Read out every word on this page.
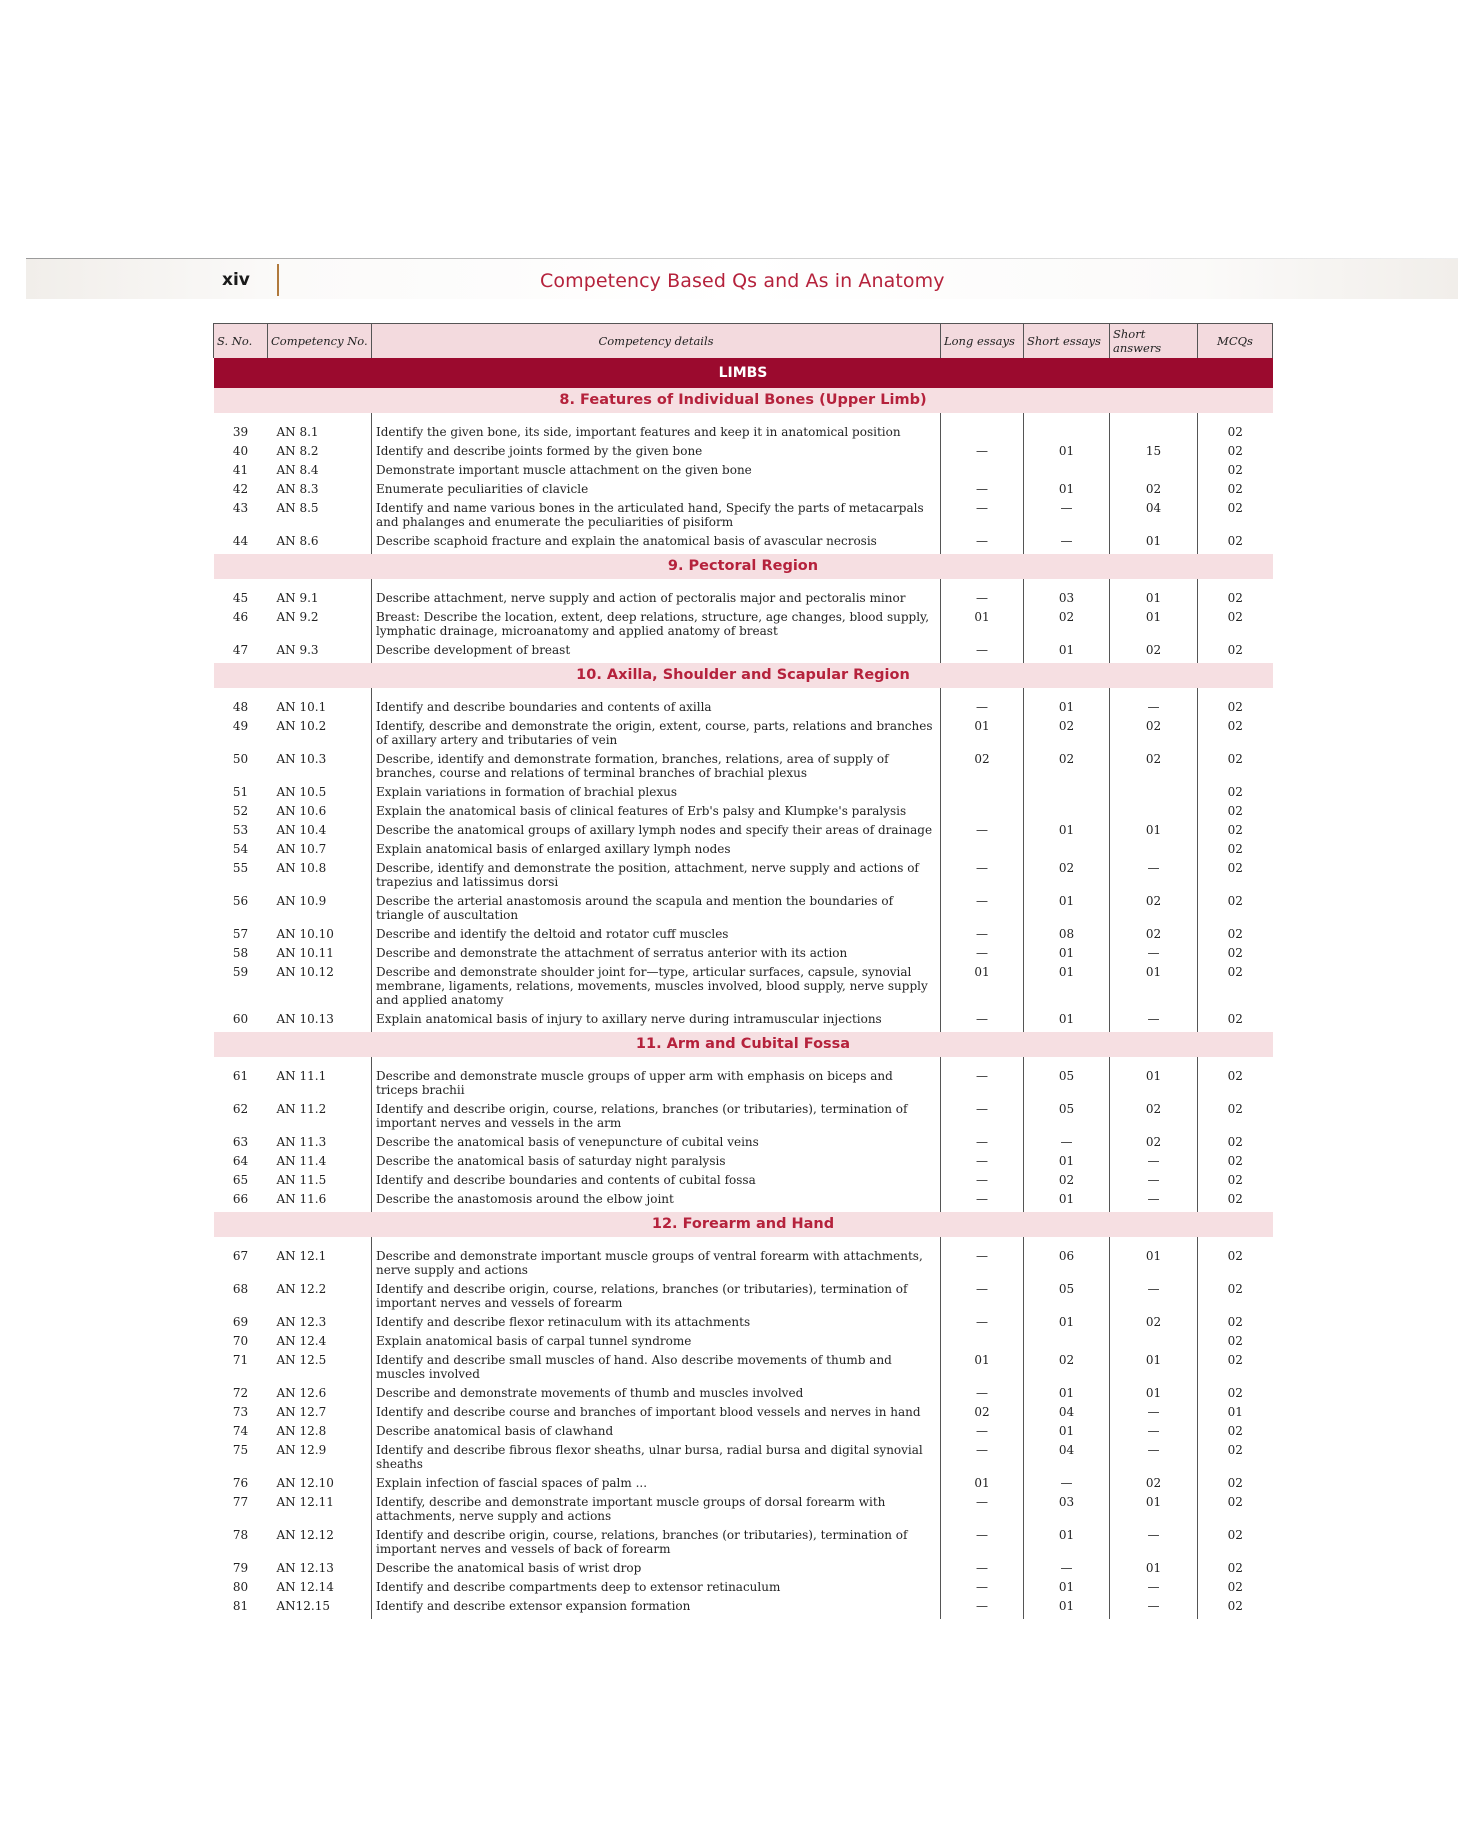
xiv	Competency Based Qs and As in Anatomy
S. No.	Competency No.	Competency details	Long essays	Short essays	Short answers	MCQs
LIMBS						
8. Features of Individual Bones (Upper Limb)						
39	AN 8.1	Identify the given bone, its side, important features and keep it in anatomical position				02
40	AN 8.2	Identify and describe joints formed by the given bone	—	01	15	02
41	AN 8.4	Demonstrate important muscle attachment on the given bone				02
42	AN 8.3	Enumerate peculiarities of clavicle	—	01	02	02
43	AN 8.5	Identify and name various bones in the articulated hand, Specify the parts of metacarpals and phalanges and enumerate the peculiarities of pisiform	—	—	04	02
44	AN 8.6	Describe scaphoid fracture and explain the anatomical basis of avascular necrosis	—	—	01	02
9. Pectoral Region						
45	AN 9.1	Describe attachment, nerve supply and action of pectoralis major and pectoralis minor	—	03	01	02
46	AN 9.2	Breast: Describe the location, extent, deep relations, structure, age changes, blood supply, lymphatic drainage, microanatomy and applied anatomy of breast	01	02	01	02
47	AN 9.3	Describe development of breast	—	01	02	02
10. Axilla, Shoulder and Scapular Region						
48	AN 10.1	Identify and describe boundaries and contents of axilla	—	01	—	02
49	AN 10.2	Identify, describe and demonstrate the origin, extent, course, parts, relations and branches of axillary artery and tributaries of vein	01	02	02	02
50	AN 10.3	Describe, identify and demonstrate formation, branches, relations, area of supply of branches, course and relations of terminal branches of brachial plexus	02	02	02	02
51	AN 10.5	Explain variations in formation of brachial plexus				02
52	AN 10.6	Explain the anatomical basis of clinical features of Erb's palsy and Klumpke's paralysis				02
53	AN 10.4	Describe the anatomical groups of axillary lymph nodes and specify their areas of drainage	—	01	01	02
54	AN 10.7	Explain anatomical basis of enlarged axillary lymph nodes				02
55	AN 10.8	Describe, identify and demonstrate the position, attachment, nerve supply and actions of trapezius and latissimus dorsi	—	02	—	02
56	AN 10.9	Describe the arterial anastomosis around the scapula and mention the boundaries of triangle of auscultation	—	01	02	02
57	AN 10.10	Describe and identify the deltoid and rotator cuff muscles	—	08	02	02
58	AN 10.11	Describe and demonstrate the attachment of serratus anterior with its action	—	01	—	02
59	AN 10.12	Describe and demonstrate shoulder joint for—type, articular surfaces, capsule, synovial membrane, ligaments, relations, movements, muscles involved, blood supply, nerve supply and applied anatomy	01	01	01	02
60	AN 10.13	Explain anatomical basis of injury to axillary nerve during intramuscular injections	—	01	—	02
11. Arm and Cubital Fossa						
61	AN 11.1	Describe and demonstrate muscle groups of upper arm with emphasis on biceps and triceps brachii	—	05	01	02
62	AN 11.2	Identify and describe origin, course, relations, branches (or tributaries), termination of important nerves and vessels in the arm	—	05	02	02
63	AN 11.3	Describe the anatomical basis of venepuncture of cubital veins	—	—	02	02
64	AN 11.4	Describe the anatomical basis of saturday night paralysis	—	01	—	02
65	AN 11.5	Identify and describe boundaries and contents of cubital fossa	—	02	—	02
66	AN 11.6	Describe the anastomosis around the elbow joint	—	01	—	02
12. Forearm and Hand						
67	AN 12.1	Describe and demonstrate important muscle groups of ventral forearm with attachments, nerve supply and actions	—	06	01	02
68	AN 12.2	Identify and describe origin, course, relations, branches (or tributaries), termination of important nerves and vessels of forearm	—	05	—	02
69	AN 12.3	Identify and describe flexor retinaculum with its attachments	—	01	02	02
70	AN 12.4	Explain anatomical basis of carpal tunnel syndrome				02
71	AN 12.5	Identify and describe small muscles of hand. Also describe movements of thumb and muscles involved	01	02	01	02
72	AN 12.6	Describe and demonstrate movements of thumb and muscles involved	—	01	01	02
73	AN 12.7	Identify and describe course and branches of important blood vessels and nerves in hand	02	04	—	01
74	AN 12.8	Describe anatomical basis of clawhand	—	01	—	02
75	AN 12.9	Identify and describe fibrous flexor sheaths, ulnar bursa, radial bursa and digital synovial sheaths	—	04	—	02
76	AN 12.10	Explain infection of fascial spaces of palm ...	01	—	02	02
77	AN 12.11	Identify, describe and demonstrate important muscle groups of dorsal forearm with attachments, nerve supply and actions	—	03	01	02
78	AN 12.12	Identify and describe origin, course, relations, branches (or tributaries), termination of important nerves and vessels of back of forearm	—	01	—	02
79	AN 12.13	Describe the anatomical basis of wrist drop	—	—	01	02
80	AN 12.14	Identify and describe compartments deep to extensor retinaculum	—	01	—	02
81	AN12.15	Identify and describe extensor expansion formation	—	01	—	02
